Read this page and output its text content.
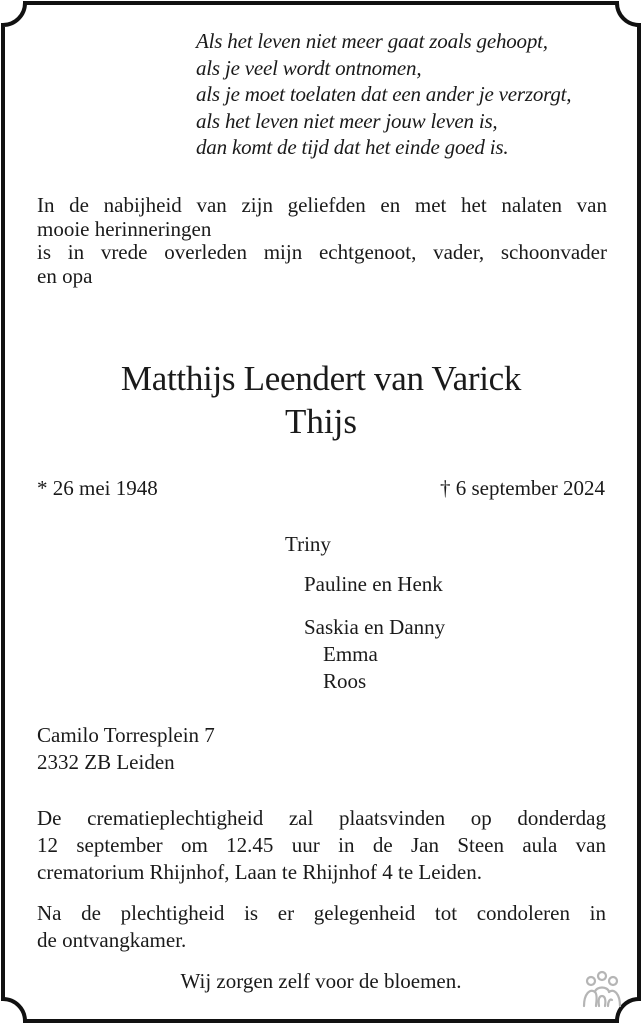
Als het leven niet meer gaat zoals gehoopt,
als je veel wordt ontnomen,
als je moet toelaten dat een ander je verzorgt,
als het leven niet meer jouw leven is,
dan komt de tijd dat het einde goed is.
In de nabijheid van zijn geliefden en met het nalaten van
mooie herinneringen
is in vrede overleden mijn echtgenoot, vader, schoonvader
en opa
Matthijs Leendert van Varick
Thijs
* 26 mei 1948	† 6 september 2024
Triny
Pauline en Henk
Saskia en Danny
Emma
Roos
Camilo Torresplein 7
2332 ZB Leiden
De crematieplechtigheid zal plaatsvinden op donderdag
12 september om 12.45 uur in de Jan Steen aula van
crematorium Rhijnhof, Laan te Rhijnhof 4 te Leiden.
Na de plechtigheid is er gelegenheid tot condoleren in
de ontvangkamer.
Wij zorgen zelf voor de bloemen.
